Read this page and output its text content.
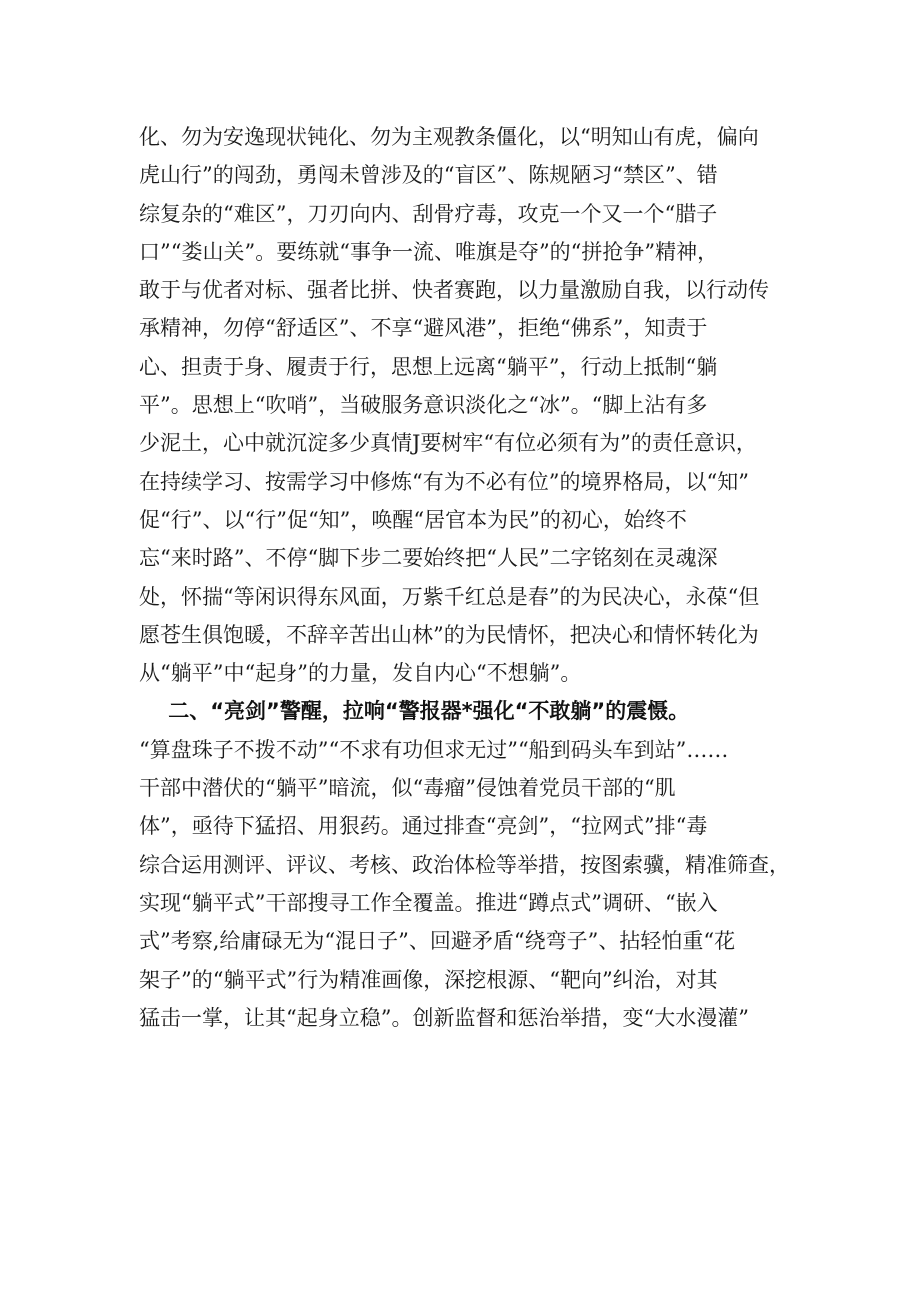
化、勿为安逸现状钝化、勿为主观教条僵化，以“明知山有虎，偏向
虎山行”的闯劲，勇闯未曾涉及的“盲区”、陈规陋习“禁区”、错
综复杂的“难区”，刀刃向内、刮骨疗毒，攻克一个又一个“腊子
口”“娄山关”。要练就“事争一流、唯旗是夺”的“拼抢争”精神，
敢于与优者对标、强者比拼、快者赛跑，以力量激励自我，以行动传
承精神，勿停“舒适区”、不享“避风港”，拒绝“佛系”，知责于
心、担责于身、履责于行，思想上远离“躺平”，行动上抵制“躺
平”。思想上“吹哨”，当破服务意识淡化之“冰”。“脚上沾有多
少泥土，心中就沉淀多少真情J要树牢“有位必须有为”的责任意识，
在持续学习、按需学习中修炼“有为不必有位”的境界格局，以“知”
促“行”、以“行”促“知”，唤醒“居官本为民”的初心，始终不
忘“来时路”、不停“脚下步二要始终把“人民”二字铭刻在灵魂深
处，怀揣“等闲识得东风面，万紫千红总是春”的为民决心，永葆“但
愿苍生俱饱暖，不辞辛苦出山林”的为民情怀，把决心和情怀转化为
从“躺平”中“起身”的力量，发自内心“不想躺”。
二、“亮剑”警醒，拉响“警报器*强化“不敢躺”的震慑。
“算盘珠子不拨不动”“不求有功但求无过”“船到码头车到站”……
干部中潜伏的“躺平”暗流，似“毒瘤”侵蚀着党员干部的“肌
体”，亟待下猛招、用狠药。通过排查“亮剑”，“拉网式”排“毒
综合运用测评、评议、考核、政治体检等举措，按图索骥，精准筛查，
实现“躺平式”干部搜寻工作全覆盖。推进“蹲点式”调研、“嵌入
式”考察,给庸碌无为“混日子”、回避矛盾“绕弯子”、拈轻怕重“花
架子”的“躺平式”行为精准画像，深挖根源、“靶向”纠治，对其
猛击一掌，让其“起身立稳”。创新监督和惩治举措，变“大水漫灌”
